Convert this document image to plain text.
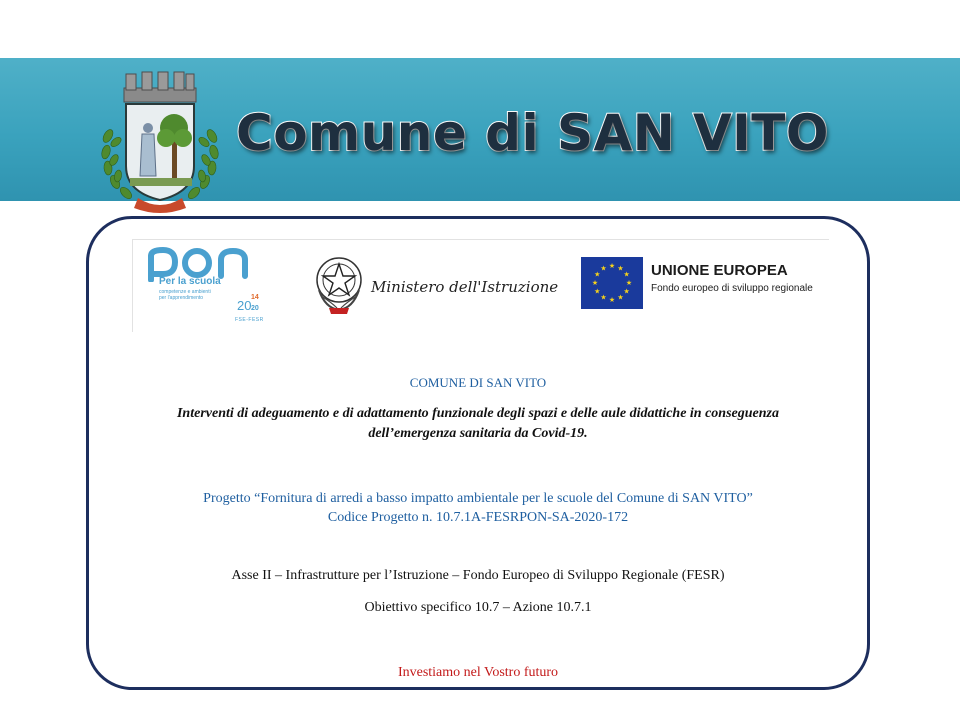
Comune di SAN VITO
Per la scuola
competenze e ambienti
per l'apprendimento	20
14
20
FSE-FESR
Ministero dell'Istruzione
★ ★
★
★
★
★
★
★
★
★
★
★	UNIONE EUROPEA
Fondo europeo di sviluppo regionale
COMUNE DI SAN VITO
Interventi di adeguamento e di adattamento funzionale degli spazi e delle aule didattiche in conseguenza
dell’emergenza sanitaria da Covid-19.
Progetto “Fornitura di arredi a basso impatto ambientale per le scuole del Comune di SAN VITO”
Codice Progetto n. 10.7.1A-FESRPON-SA-2020-172
Asse II – Infrastrutture per l’Istruzione – Fondo Europeo di Sviluppo Regionale (FESR)
Obiettivo specifico 10.7 – Azione 10.7.1
Investiamo nel Vostro futuro
